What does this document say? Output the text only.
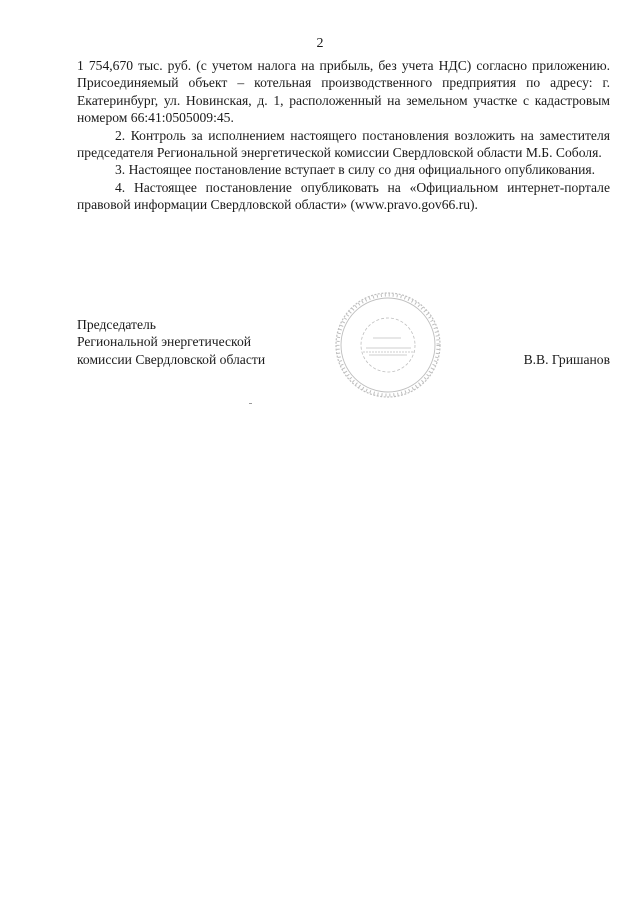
2

1 754,670 тыс. руб. (с учетом налога на прибыль, без учета НДС) согласно приложению. Присоединяемый объект – котельная производственного предприятия по адресу: г. Екатеринбург, ул. Новинская, д. 1, расположенный на земельном участке с кадастровым номером 66:41:0505009:45.

2. Контроль за исполнением настоящего постановления возложить на заместителя председателя Региональной энергетической комиссии Свердловской области М.Б. Соболя.

3. Настоящее постановление вступает в силу со дня официального опубликования.

4. Настоящее постановление опубликовать на «Официальном интернет-портале правовой информации Свердловской области» (www.pravo.gov66.ru).

Председатель
Региональной энергетической
комиссии Свердловской области	В.В. Гришанов
